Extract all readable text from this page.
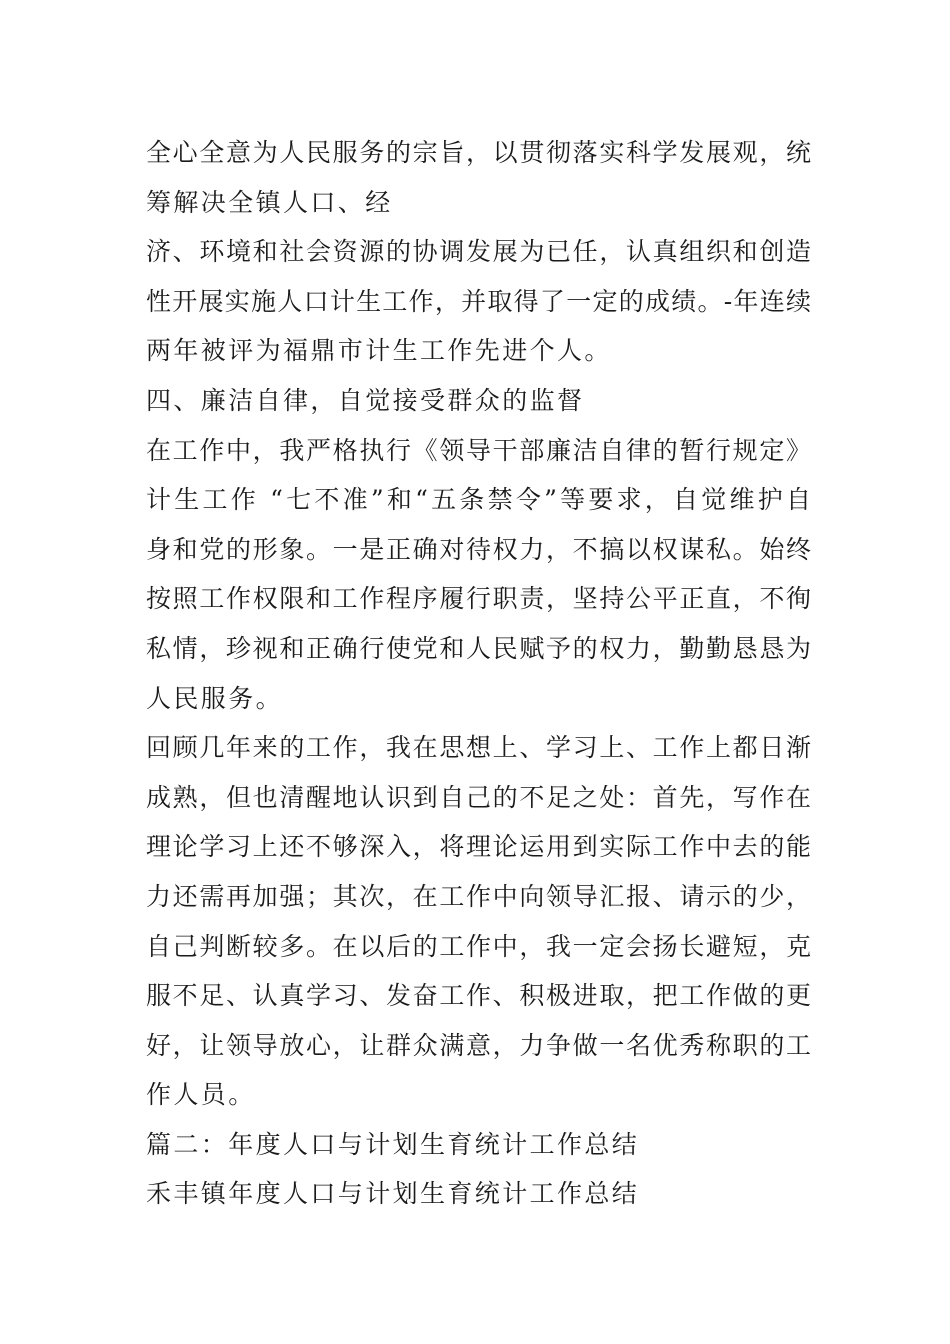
全心全意为人民服务的宗旨，以贯彻落实科学发展观，统
筹解决全镇人口、经
济、环境和社会资源的协调发展为已任，认真组织和创造
性开展实施人口计生工作，并取得了一定的成绩。-年连续
两年被评为福鼎市计生工作先进个人。
四、廉洁自律，自觉接受群众的监督
在工作中，我严格执行《领导干部廉洁自律的暂行规定》
计生工作 “七不准”和“五条禁令”等要求，自觉维护自
身和党的形象。一是正确对待权力，不搞以权谋私。始终
按照工作权限和工作程序履行职责，坚持公平正直，不徇
私情，珍视和正确行使党和人民赋予的权力，勤勤恳恳为
人民服务。
回顾几年来的工作，我在思想上、学习上、工作上都日渐
成熟，但也清醒地认识到自己的不足之处：首先，写作在
理论学习上还不够深入，将理论运用到实际工作中去的能
力还需再加强；其次，在工作中向领导汇报、请示的少，
自己判断较多。在以后的工作中，我一定会扬长避短，克
服不足、认真学习、发奋工作、积极进取，把工作做的更
好，让领导放心，让群众满意，力争做一名优秀称职的工
作人员。
篇二：年度人口与计划生育统计工作总结
禾丰镇年度人口与计划生育统计工作总结
